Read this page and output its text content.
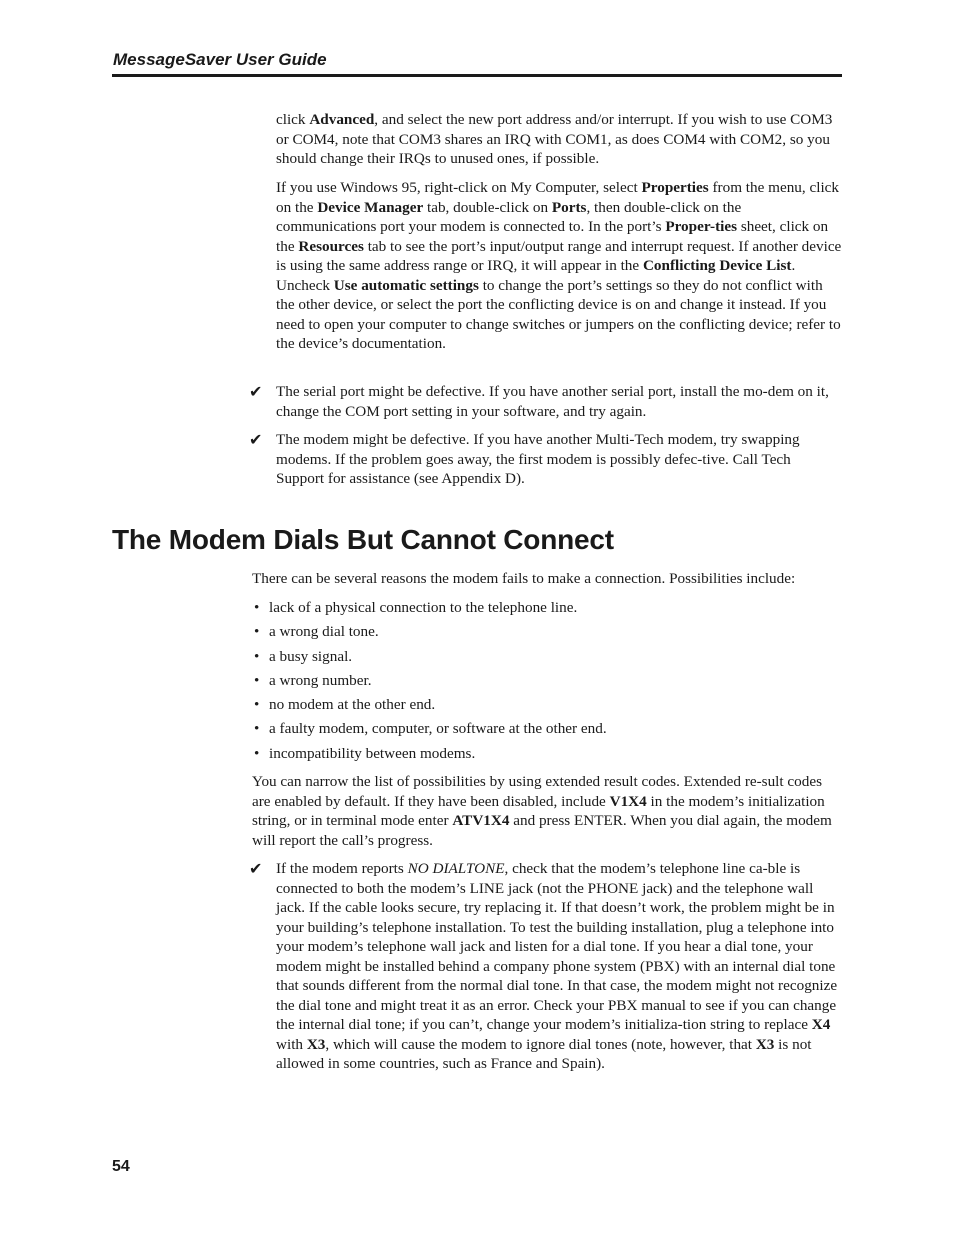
MessageSaver User Guide

click Advanced, and select the new port address and/or interrupt. If you wish to use COM3 or COM4, note that COM3 shares an IRQ with COM1, as does COM4 with COM2, so you should change their IRQs to unused ones, if possible.

If you use Windows 95, right-click on My Computer, select Properties from the menu, click on the Device Manager tab, double-click on Ports, then double-click on the communications port your modem is connected to. In the port’s Proper-ties sheet, click on the Resources tab to see the port’s input/output range and interrupt request. If another device is using the same address range or IRQ, it will appear in the Conflicting Device List. Uncheck Use automatic settings to change the port’s settings so they do not conflict with the other device, or select the port the conflicting device is on and change it instead. If you need to open your computer to change switches or jumpers on the conflicting device; refer to the device’s documentation.

✔ The serial port might be defective. If you have another serial port, install the mo-dem on it, change the COM port setting in your software, and try again.

✔ The modem might be defective. If you have another Multi-Tech modem, try swapping modems. If the problem goes away, the first modem is possibly defec-tive. Call Tech Support for assistance (see Appendix D).

The Modem Dials But Cannot Connect

There can be several reasons the modem fails to make a connection. Possibilities include:

• lack of a physical connection to the telephone line.
• a wrong dial tone.
• a busy signal.
• a wrong number.
• no modem at the other end.
• a faulty modem, computer, or software at the other end.
• incompatibility between modems.

You can narrow the list of possibilities by using extended result codes. Extended re-sult codes are enabled by default. If they have been disabled, include V1X4 in the modem’s initialization string, or in terminal mode enter ATV1X4 and press ENTER. When you dial again, the modem will report the call’s progress.

✔ If the modem reports NO DIALTONE, check that the modem’s telephone line ca-ble is connected to both the modem’s LINE jack (not the PHONE jack) and the telephone wall jack. If the cable looks secure, try replacing it. If that doesn’t work, the problem might be in your building’s telephone installation. To test the building installation, plug a telephone into your modem’s telephone wall jack and listen for a dial tone. If you hear a dial tone, your modem might be installed behind a company phone system (PBX) with an internal dial tone that sounds different from the normal dial tone. In that case, the modem might not recognize the dial tone and might treat it as an error. Check your PBX manual to see if you can change the internal dial tone; if you can’t, change your modem’s initializa-tion string to replace X4 with X3, which will cause the modem to ignore dial tones (note, however, that X3 is not allowed in some countries, such as France and Spain).

54
